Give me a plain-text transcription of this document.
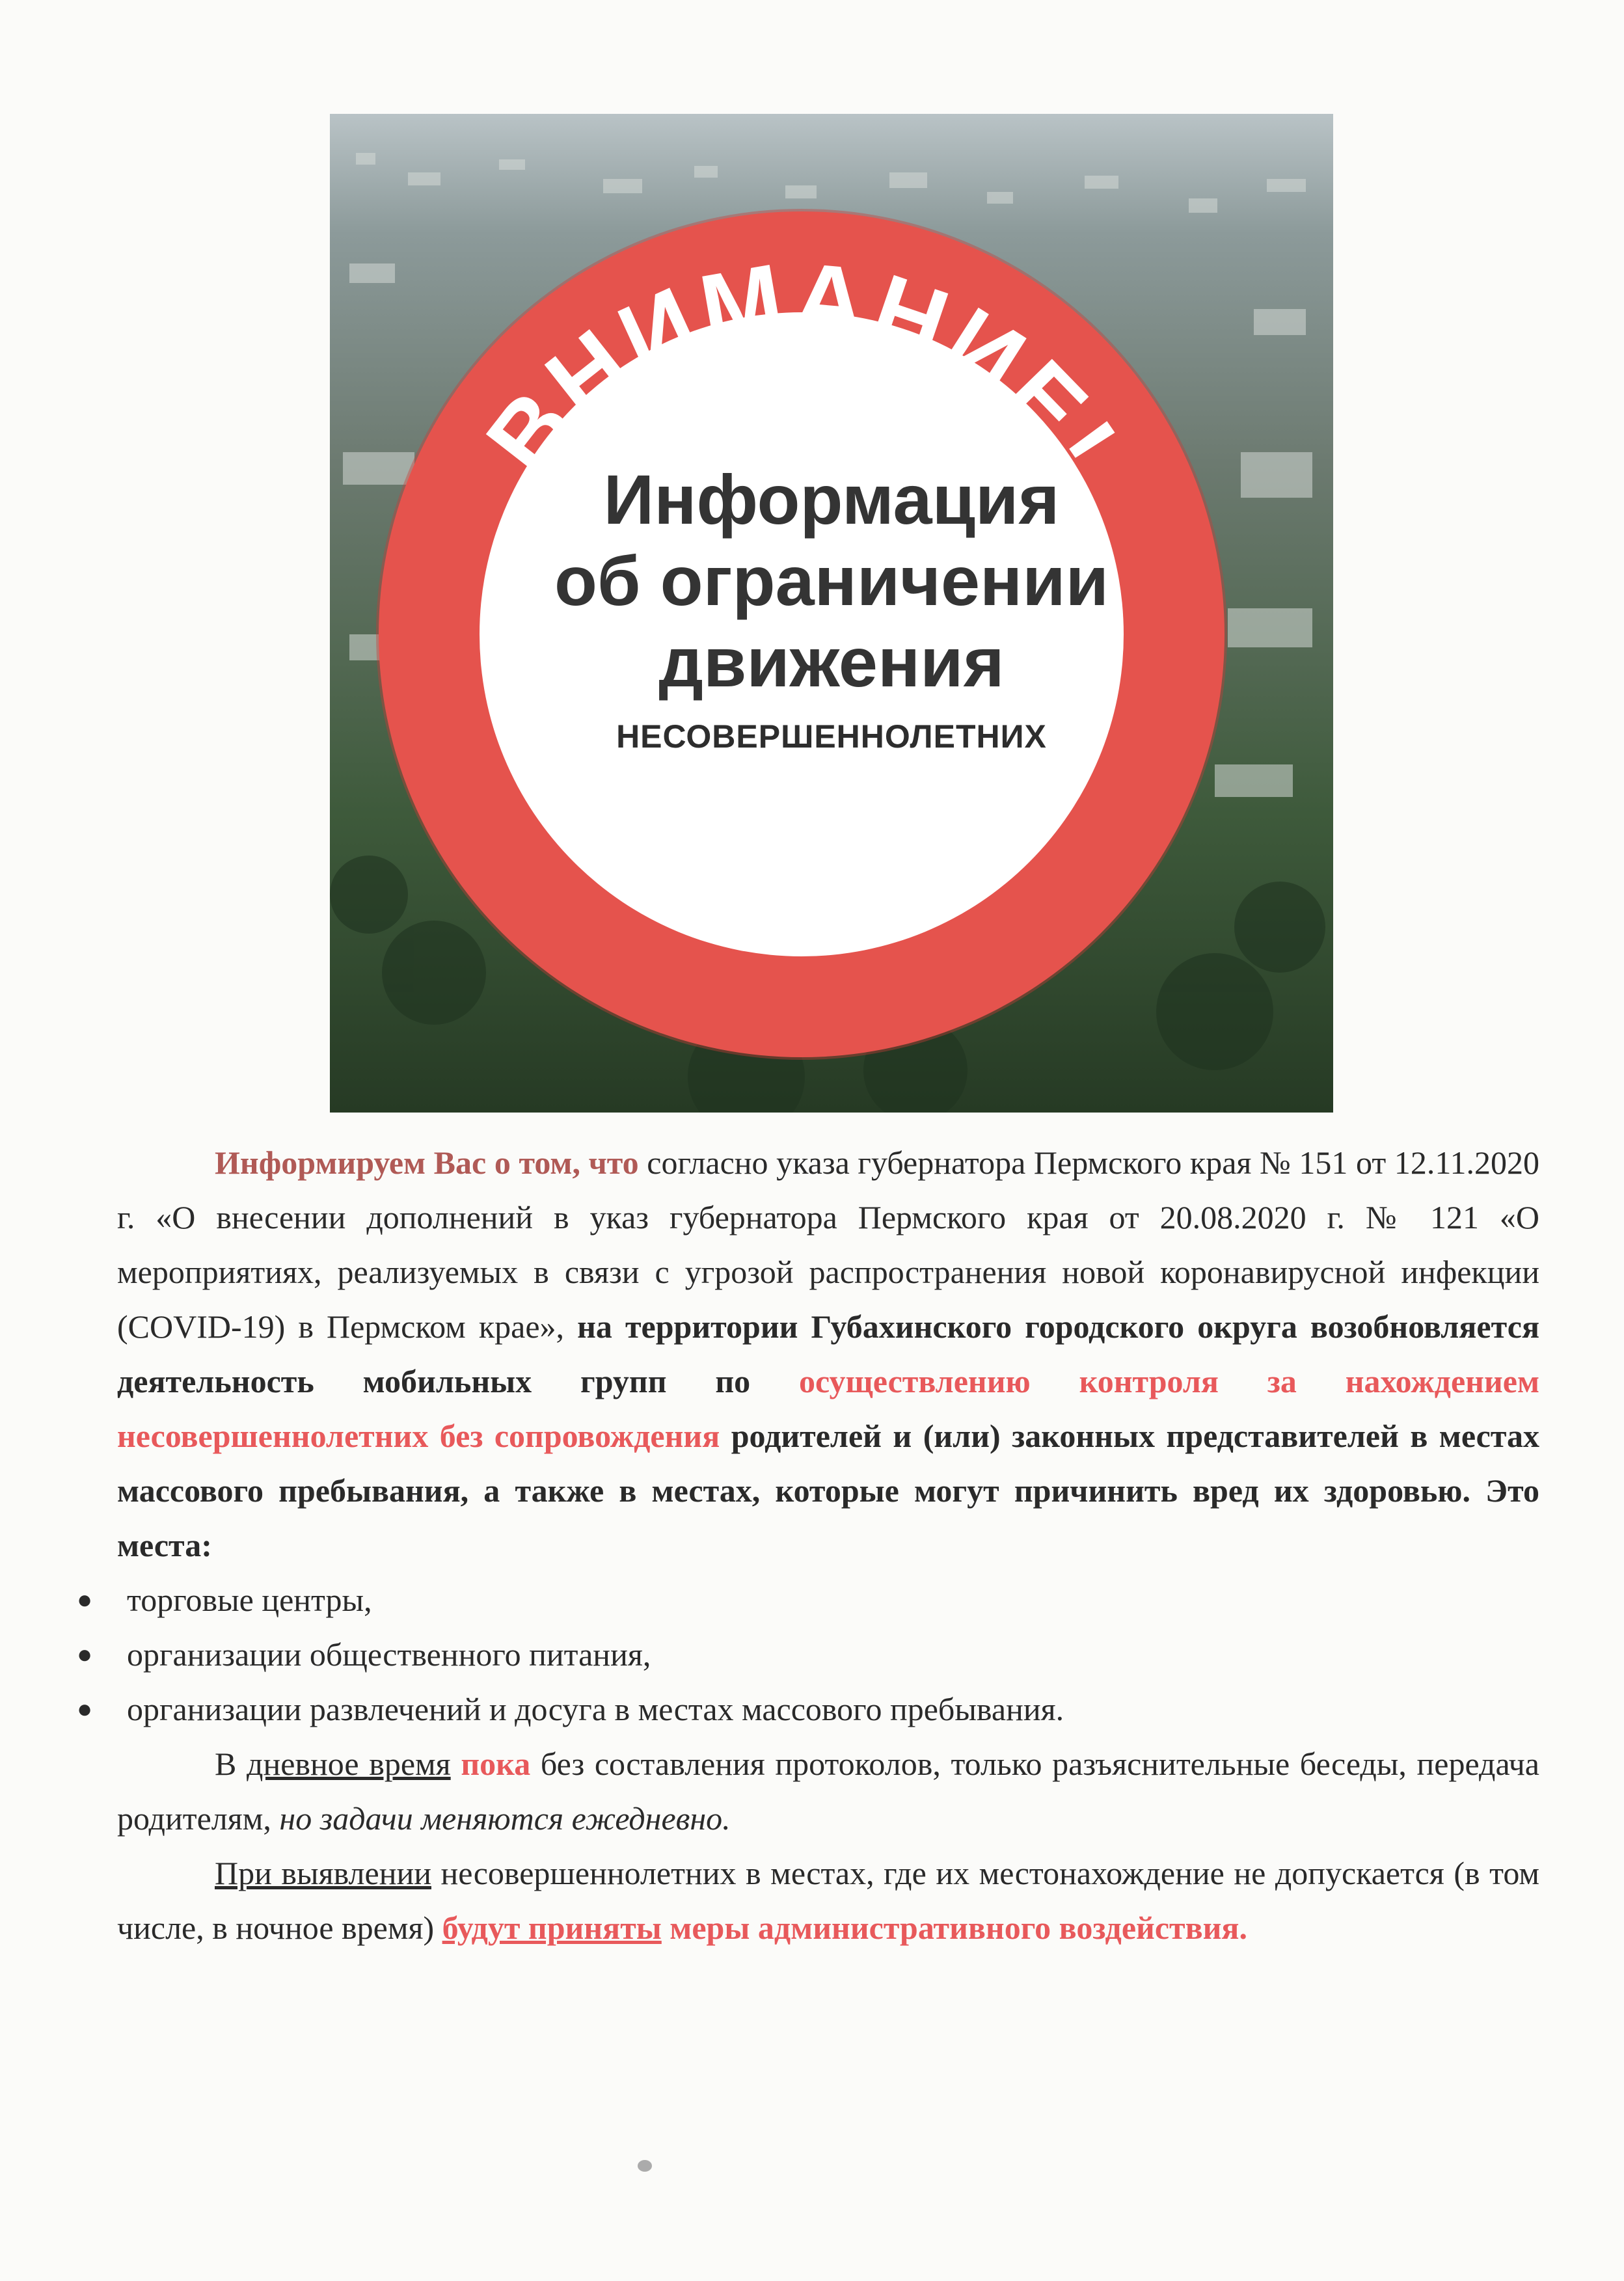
ВНИМАНИЕ!
Информация
об ограничении
движения
НЕСОВЕРШЕННОЛЕТНИХ

Информируем Вас о том, что согласно указа губернатора Пермского края № 151 от 12.11.2020 г. «О внесении дополнений в указ губернатора Пермского края от 20.08.2020 г. № 121 «О мероприятиях, реализуемых в связи с угрозой распространения новой коронавирусной инфекции (COVID-19) в Пермском крае», на территории Губахинского городского округа возобновляется деятельность мобильных групп по осуществлению контроля за нахождением несовершеннолетних без сопровождения родителей и (или) законных представителей в местах массового пребывания, а также в местах, которые могут причинить вред их здоровью. Это места:

● торговые центры,
● организации общественного питания,
● организации развлечений и досуга в местах массового пребывания.

В дневное время пока без составления протоколов, только разъяснительные беседы, передача родителям, но задачи меняются ежедневно.

При выявлении несовершеннолетних в местах, где их местонахождение не допускается (в том числе, в ночное время) будут приняты меры административного воздействия.
